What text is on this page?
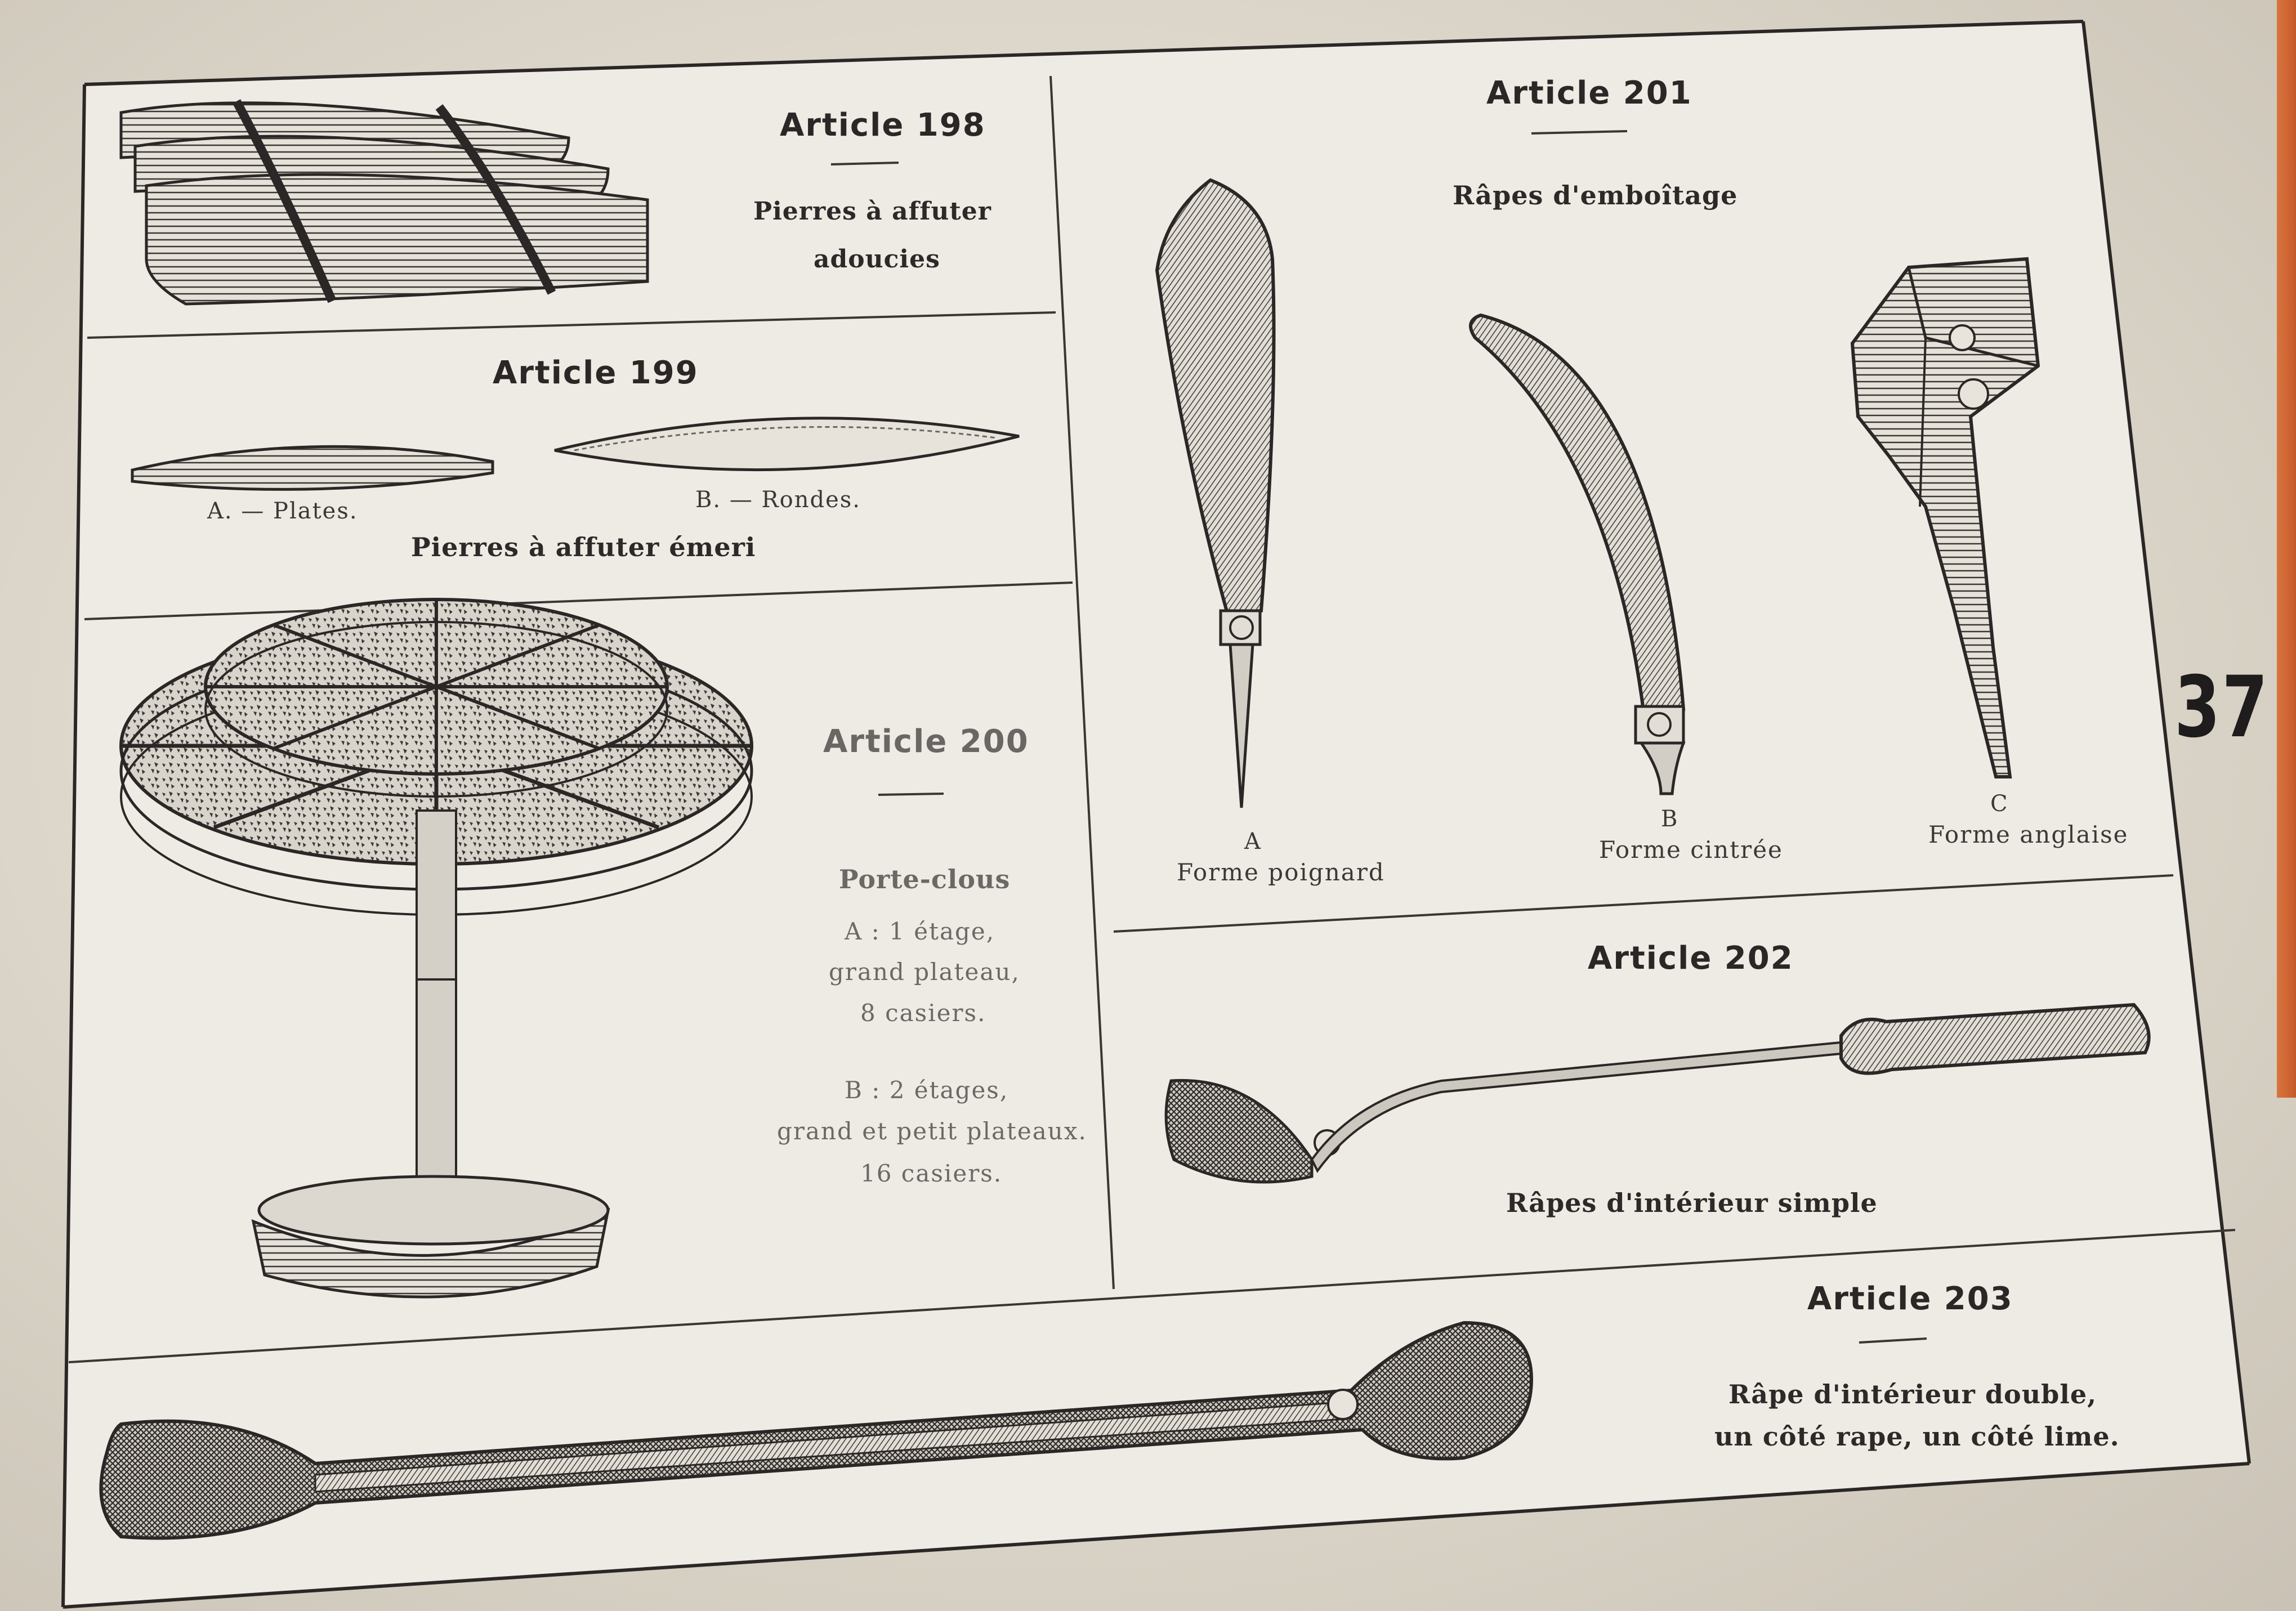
Article 198
Pierres à affuter
adoucies
Article 199
A. — Plates.	B. — Rondes.
Pierres à affuter émeri
Article 200
Porte-clous
A : 1 étage,
grand plateau,
8 casiers.
B : 2 étages,
grand et petit plateaux.
16 casiers.
Article 201
Râpes d'emboîtage
A
Forme poignard
B
Forme cintrée
C
Forme anglaise
Article 202
Râpes d'intérieur simple
Article 203
Râpe d'intérieur double,
un côté rape, un côté lime.
37
